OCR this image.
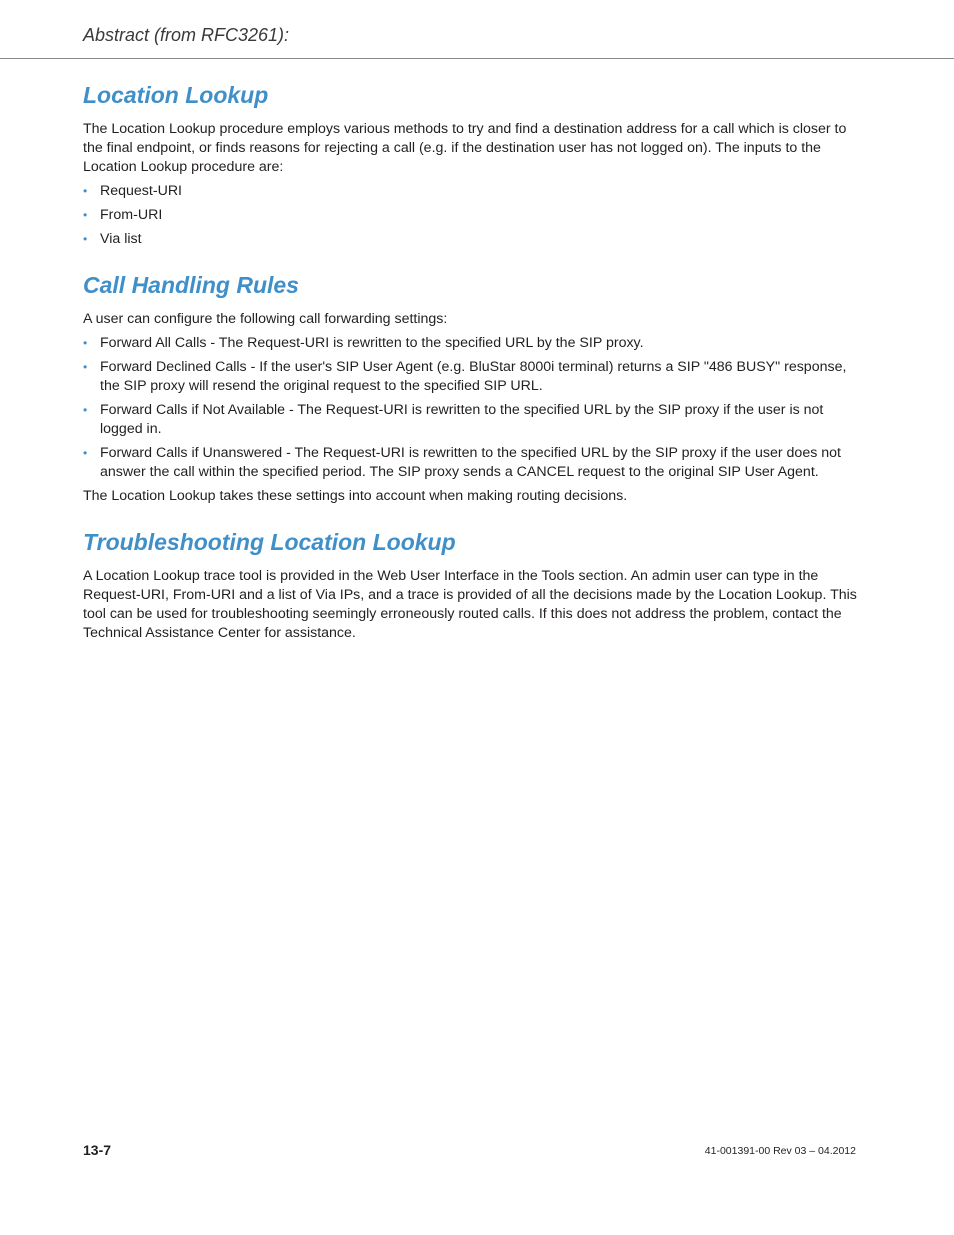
Abstract (from RFC3261):
Location Lookup

The Location Lookup procedure employs various methods to try and find a destination address for a call which is closer to the final endpoint, or finds reasons for rejecting a call (e.g. if the destination user has not logged on). The inputs to the Location Lookup procedure are:

• Request-URI
• From-URI
• Via list
Call Handling Rules

A user can configure the following call forwarding settings:

• Forward All Calls - The Request-URI is rewritten to the specified URL by the SIP proxy.
• Forward Declined Calls - If the user's SIP User Agent (e.g. BluStar 8000i terminal) returns a SIP "486 BUSY" response, the SIP proxy will resend the original request to the specified SIP URL.
• Forward Calls if Not Available - The Request-URI is rewritten to the specified URL by the SIP proxy if the user is not logged in.
• Forward Calls if Unanswered - The Request-URI is rewritten to the specified URL by the SIP proxy if the user does not answer the call within the specified period. The SIP proxy sends a CANCEL request to the original SIP User Agent.

The Location Lookup takes these settings into account when making routing decisions.

Troubleshooting Location Lookup

A Location Lookup trace tool is provided in the Web User Interface in the Tools section. An admin user can type in the Request-URI, From-URI and a list of Via IPs, and a trace is provided of all the decisions made by the Location Lookup. This tool can be used for troubleshooting seemingly erroneously routed calls. If this does not address the problem, contact the Technical Assistance Center for assistance.

13-7	41-001391-00 Rev 03 – 04.2012
